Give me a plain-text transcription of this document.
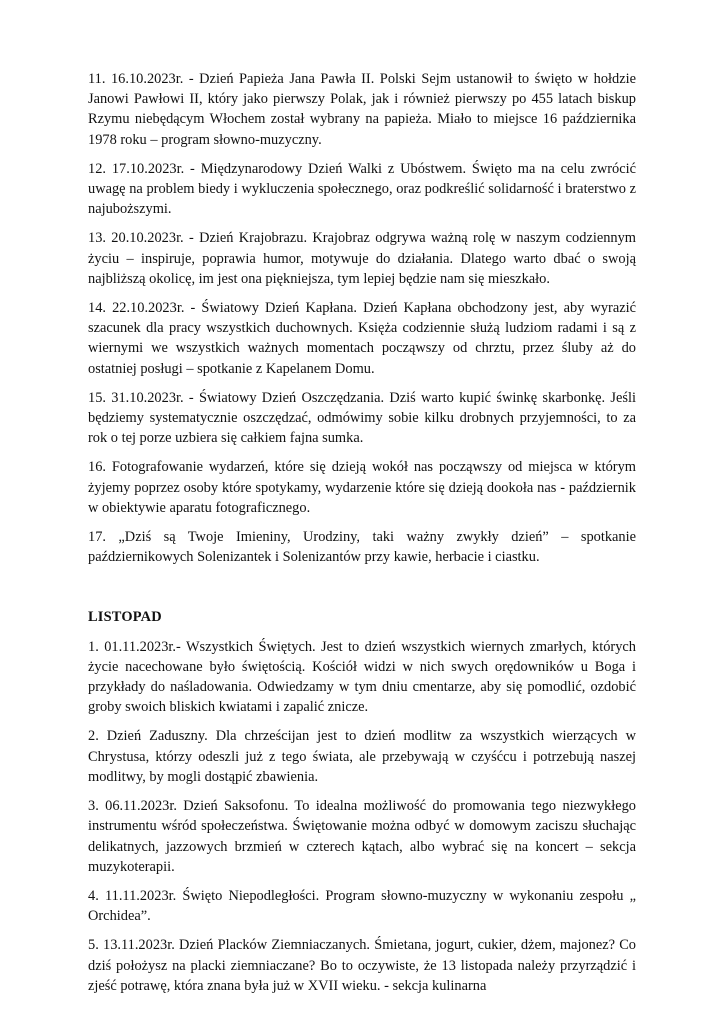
11. 16.10.2023r. - Dzień Papieża Jana Pawła II. Polski Sejm ustanowił to święto w hołdzie Janowi Pawłowi II, który jako pierwszy Polak, jak i również pierwszy po 455 latach biskup Rzymu niebędącym Włochem został wybrany na papieża. Miało to miejsce 16 października 1978 roku – program słowno-muzyczny.

12. 17.10.2023r. - Międzynarodowy Dzień Walki z Ubóstwem. Święto ma na celu zwrócić uwagę na problem biedy i wykluczenia społecznego, oraz podkreślić solidarność i braterstwo z najuboższymi.

13. 20.10.2023r. - Dzień Krajobrazu. Krajobraz odgrywa ważną rolę w naszym codziennym życiu – inspiruje, poprawia humor, motywuje do działania. Dlatego warto dbać o swoją najbliższą okolicę, im jest ona piękniejsza, tym lepiej będzie nam się mieszkało.

14. 22.10.2023r. - Światowy Dzień Kapłana. Dzień Kapłana obchodzony jest, aby wyrazić szacunek dla pracy wszystkich duchownych. Księża codziennie służą ludziom radami i są z wiernymi we wszystkich ważnych momentach począwszy od chrztu, przez śluby aż do ostatniej posługi – spotkanie z Kapelanem Domu.

15. 31.10.2023r. - Światowy Dzień Oszczędzania. Dziś warto kupić świnkę skarbonkę. Jeśli będziemy systematycznie oszczędzać, odmówimy sobie kilku drobnych przyjemności, to za rok o tej porze uzbiera się całkiem fajna sumka.

16. Fotografowanie wydarzeń, które się dzieją wokół nas począwszy od miejsca w którym żyjemy poprzez osoby które spotykamy, wydarzenie które się dzieją dookoła nas - październik w obiektywie aparatu fotograficznego.

17. „Dziś są Twoje Imieniny, Urodziny, taki ważny zwykły dzień” – spotkanie październikowych Solenizantek i Solenizantów przy kawie, herbacie i ciastku.

LISTOPAD

1. 01.11.2023r.- Wszystkich Świętych. Jest to dzień wszystkich wiernych zmarłych, których życie nacechowane było świętością. Kościół widzi w nich swych orędowników u Boga i przykłady do naśladowania. Odwiedzamy w tym dniu cmentarze, aby się pomodlić, ozdobić groby swoich bliskich kwiatami i zapalić znicze.

2. Dzień Zaduszny. Dla chrześcijan jest to dzień modlitw za wszystkich wierzących w Chrystusa, którzy odeszli już z tego świata, ale przebywają w czyśćcu i potrzebują naszej modlitwy, by mogli dostąpić zbawienia.

3. 06.11.2023r. Dzień Saksofonu. To idealna możliwość do promowania tego niezwykłego instrumentu wśród społeczeństwa. Świętowanie można odbyć w domowym zaciszu słuchając delikatnych, jazzowych brzmień w czterech kątach, albo wybrać się na koncert – sekcja muzykoterapii.

4. 11.11.2023r. Święto Niepodległości. Program słowno-muzyczny w wykonaniu zespołu „ Orchidea”.

5. 13.11.2023r. Dzień Placków Ziemniaczanych. Śmietana, jogurt, cukier, dżem, majonez? Co dziś położysz na placki ziemniaczane? Bo to oczywiste, że 13 listopada należy przyrządzić i zjeść potrawę, która znana była już w XVII wieku. - sekcja kulinarna
